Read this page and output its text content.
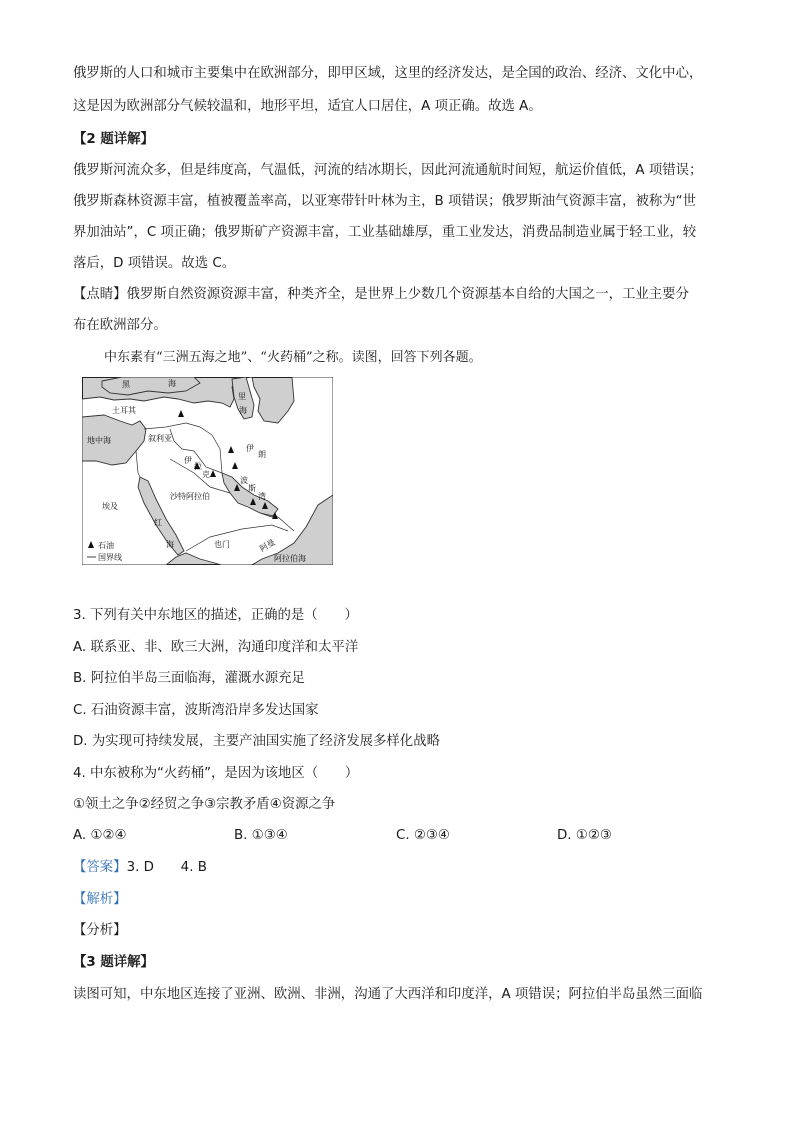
俄罗斯的人口和城市主要集中在欧洲部分，即甲区域，这里的经济发达，是全国的政治、经济、文化中心，

这是因为欧洲部分气候较温和，地形平坦，适宜人口居住，A 项正确。故选 A。

【2 题详解】

俄罗斯河流众多，但是纬度高，气温低，河流的结冰期长，因此河流通航时间短，航运价值低，A 项错误；

俄罗斯森林资源丰富，植被覆盖率高，以亚寒带针叶林为主，B 项错误；俄罗斯油气资源丰富，被称为“世

界加油站”，C 项正确；俄罗斯矿产资源丰富，工业基础雄厚，重工业发达，消费品制造业属于轻工业，较

落后，D 项错误。故选 C。

【点睛】俄罗斯自然资源资源丰富，种类齐全，是世界上少数几个资源基本自给的大国之一，工业主要分

布在欧洲部分。

中东素有“三洲五海之地”、“火药桶”之称。读图，回答下列各题。

黑	海
里
海
土耳其
叙利亚
地中海
伊
拉
克
伊
朗
波
斯
湾
沙特阿拉伯
埃及
红
海	阿曼
也门
阿拉伯海
石油
国界线

3. 下列有关中东地区的描述，正确的是（　　）

A. 联系亚、非、欧三大洲，沟通印度洋和太平洋

B. 阿拉伯半岛三面临海，灌溉水源充足

C. 石油资源丰富，波斯湾沿岸多发达国家

D. 为实现可持续发展，主要产油国实施了经济发展多样化战略

4. 中东被称为“火药桶”，是因为该地区（　　）

①领土之争②经贸之争③宗教矛盾④资源之争

A. ①②④	B. ①③④	C. ②③④	D. ①②③

【答案】3. D　　4. B

【解析】

【分析】

【3 题详解】

读图可知，中东地区连接了亚洲、欧洲、非洲，沟通了大西洋和印度洋，A 项错误；阿拉伯半岛虽然三面临
